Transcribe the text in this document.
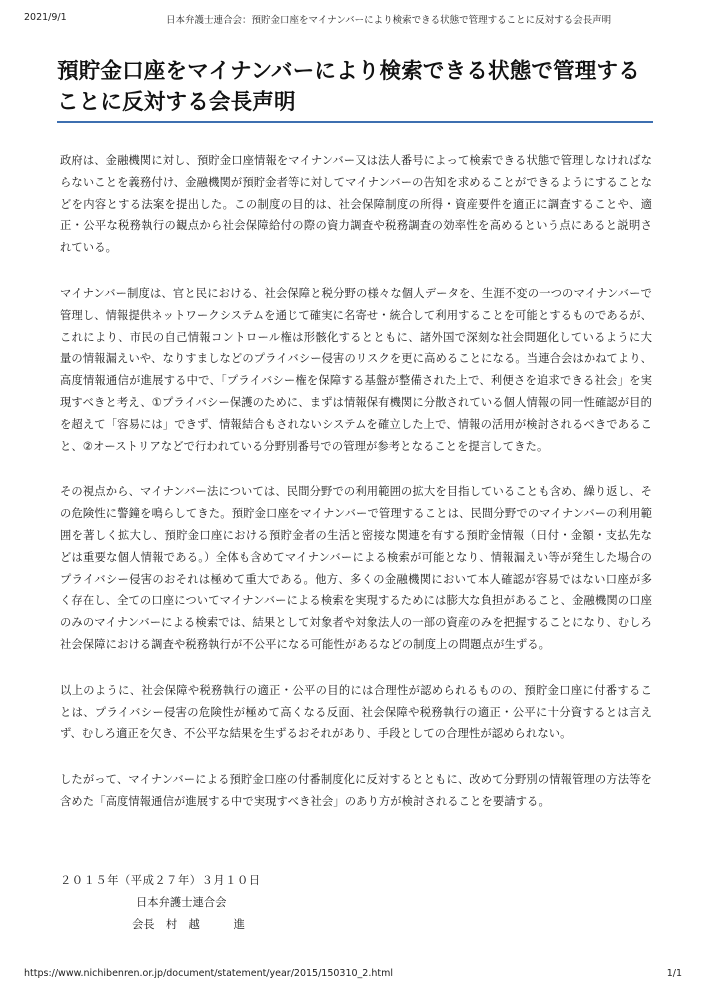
2021/9/1	日本弁護士連合会：預貯金口座をマイナンバーにより検索できる状態で管理することに反対する会長声明
預貯金口座をマイナンバーにより検索できる状態で管理することに反対する会長声明

政府は、金融機関に対し、預貯金口座情報をマイナンバー又は法人番号によって検索できる状態で管理しなければならないことを義務付け、金融機関が預貯金者等に対してマイナンバーの告知を求めることができるようにすることなどを内容とする法案を提出した。この制度の目的は、社会保障制度の所得・資産要件を適正に調査することや、適正・公平な税務執行の観点から社会保障給付の際の資力調査や税務調査の効率性を高めるという点にあると説明されている。

マイナンバー制度は、官と民における、社会保障と税分野の様々な個人データを、生涯不変の一つのマイナンバーで管理し、情報提供ネットワークシステムを通じて確実に名寄せ・統合して利用することを可能とするものであるが、これにより、市民の自己情報コントロール権は形骸化するとともに、諸外国で深刻な社会問題化しているように大量の情報漏えいや、なりすましなどのプライバシー侵害のリスクを更に高めることになる。当連合会はかねてより、高度情報通信が進展する中で、「プライバシー権を保障する基盤が整備された上で、利便さを追求できる社会」を実現すべきと考え、①プライバシー保護のために、まずは情報保有機関に分散されている個人情報の同一性確認が目的を超えて「容易には」できず、情報結合もされないシステムを確立した上で、情報の活用が検討されるべきであること、②オーストリアなどで行われている分野別番号での管理が参考となることを提言してきた。

その視点から、マイナンバー法については、民間分野での利用範囲の拡大を目指していることも含め、繰り返し、その危険性に警鐘を鳴らしてきた。預貯金口座をマイナンバーで管理することは、民間分野でのマイナンバーの利用範囲を著しく拡大し、預貯金口座における預貯金者の生活と密接な関連を有する預貯金情報（日付・金額・支払先などは重要な個人情報である。）全体も含めてマイナンバーによる検索が可能となり、情報漏えい等が発生した場合のプライバシー侵害のおそれは極めて重大である。他方、多くの金融機関において本人確認が容易ではない口座が多く存在し、全ての口座についてマイナンバーによる検索を実現するためには膨大な負担があること、金融機関の口座のみのマイナンバーによる検索では、結果として対象者や対象法人の一部の資産のみを把握することになり、むしろ社会保障における調査や税務執行が不公平になる可能性があるなどの制度上の問題点が生ずる。

以上のように、社会保障や税務執行の適正・公平の目的には合理性が認められるものの、預貯金口座に付番することは、プライバシー侵害の危険性が極めて高くなる反面、社会保障や税務執行の適正・公平に十分資するとは言えず、むしろ適正を欠き、不公平な結果を生ずるおそれがあり、手段としての合理性が認められない。

したがって、マイナンバーによる預貯金口座の付番制度化に反対するとともに、改めて分野別の情報管理の方法等を含めた「高度情報通信が進展する中で実現すべき社会」のあり方が検討されることを要請する。

２０１５年（平成２７年）３月１０日
日本弁護士連合会
会長　村　越　　　進
https://www.nichibenren.or.jp/document/statement/year/2015/150310_2.html	1/1
